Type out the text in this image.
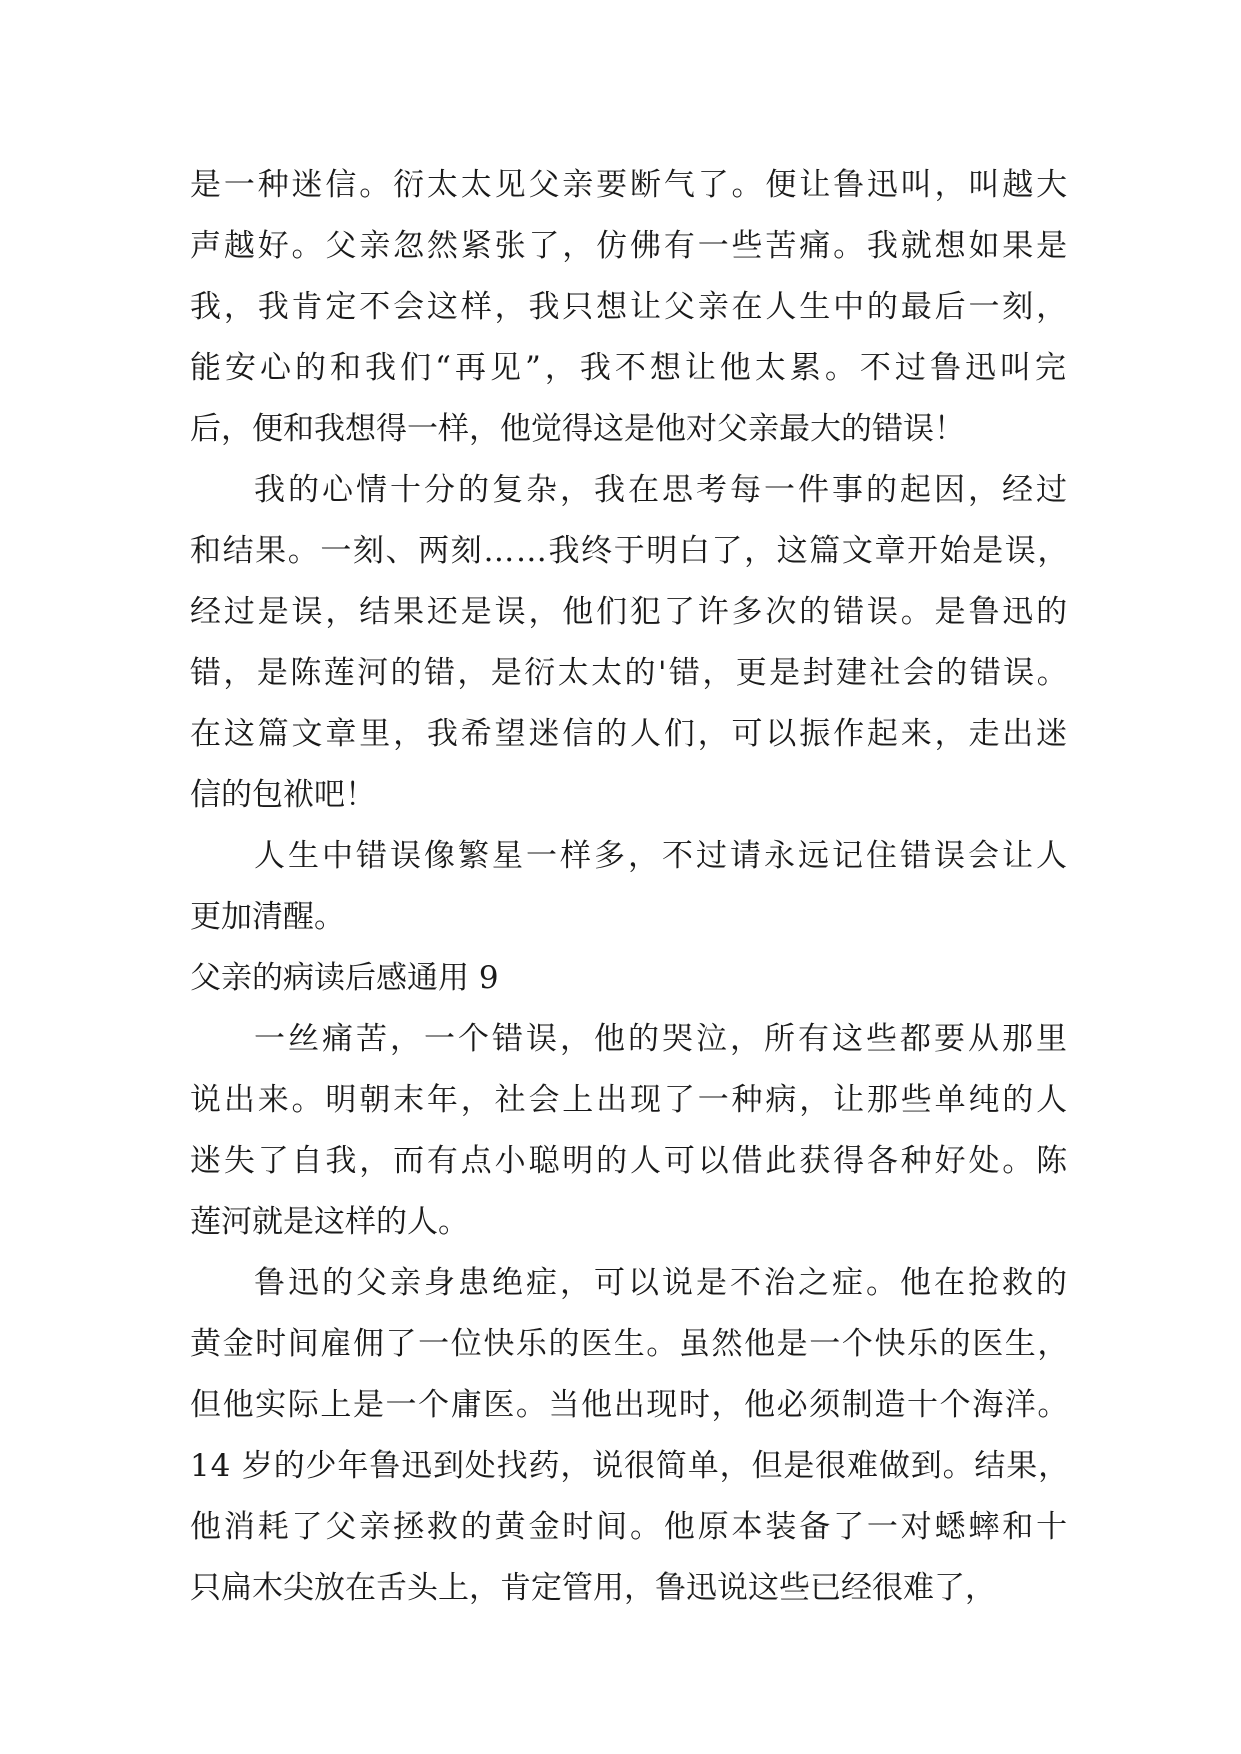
是一种迷信。衍太太见父亲要断气了。便让鲁迅叫，叫越大
声越好。父亲忽然紧张了，仿佛有一些苦痛。我就想如果是
我，我肯定不会这样，我只想让父亲在人生中的最后一刻，
能安心的和我们“再见”，我不想让他太累。不过鲁迅叫完
后，便和我想得一样，他觉得这是他对父亲最大的错误！
我的心情十分的复杂，我在思考每一件事的起因，经过
和结果。一刻、两刻……我终于明白了，这篇文章开始是误，
经过是误，结果还是误，他们犯了许多次的错误。是鲁迅的
错，是陈莲河的错，是衍太太的'错，更是封建社会的错误。
在这篇文章里，我希望迷信的人们，可以振作起来，走出迷
信的包袱吧！
人生中错误像繁星一样多，不过请永远记住错误会让人
更加清醒。
父亲的病读后感通用 9
一丝痛苦，一个错误，他的哭泣，所有这些都要从那里
说出来。明朝末年，社会上出现了一种病，让那些单纯的人
迷失了自我，而有点小聪明的人可以借此获得各种好处。陈
莲河就是这样的人。
鲁迅的父亲身患绝症，可以说是不治之症。他在抢救的
黄金时间雇佣了一位快乐的医生。虽然他是一个快乐的医生，
但他实际上是一个庸医。当他出现时，他必须制造十个海洋。
14 岁的少年鲁迅到处找药，说很简单，但是很难做到。结果，
他消耗了父亲拯救的黄金时间。他原本装备了一对蟋蟀和十
只扁木尖放在舌头上，肯定管用，鲁迅说这些已经很难了，
